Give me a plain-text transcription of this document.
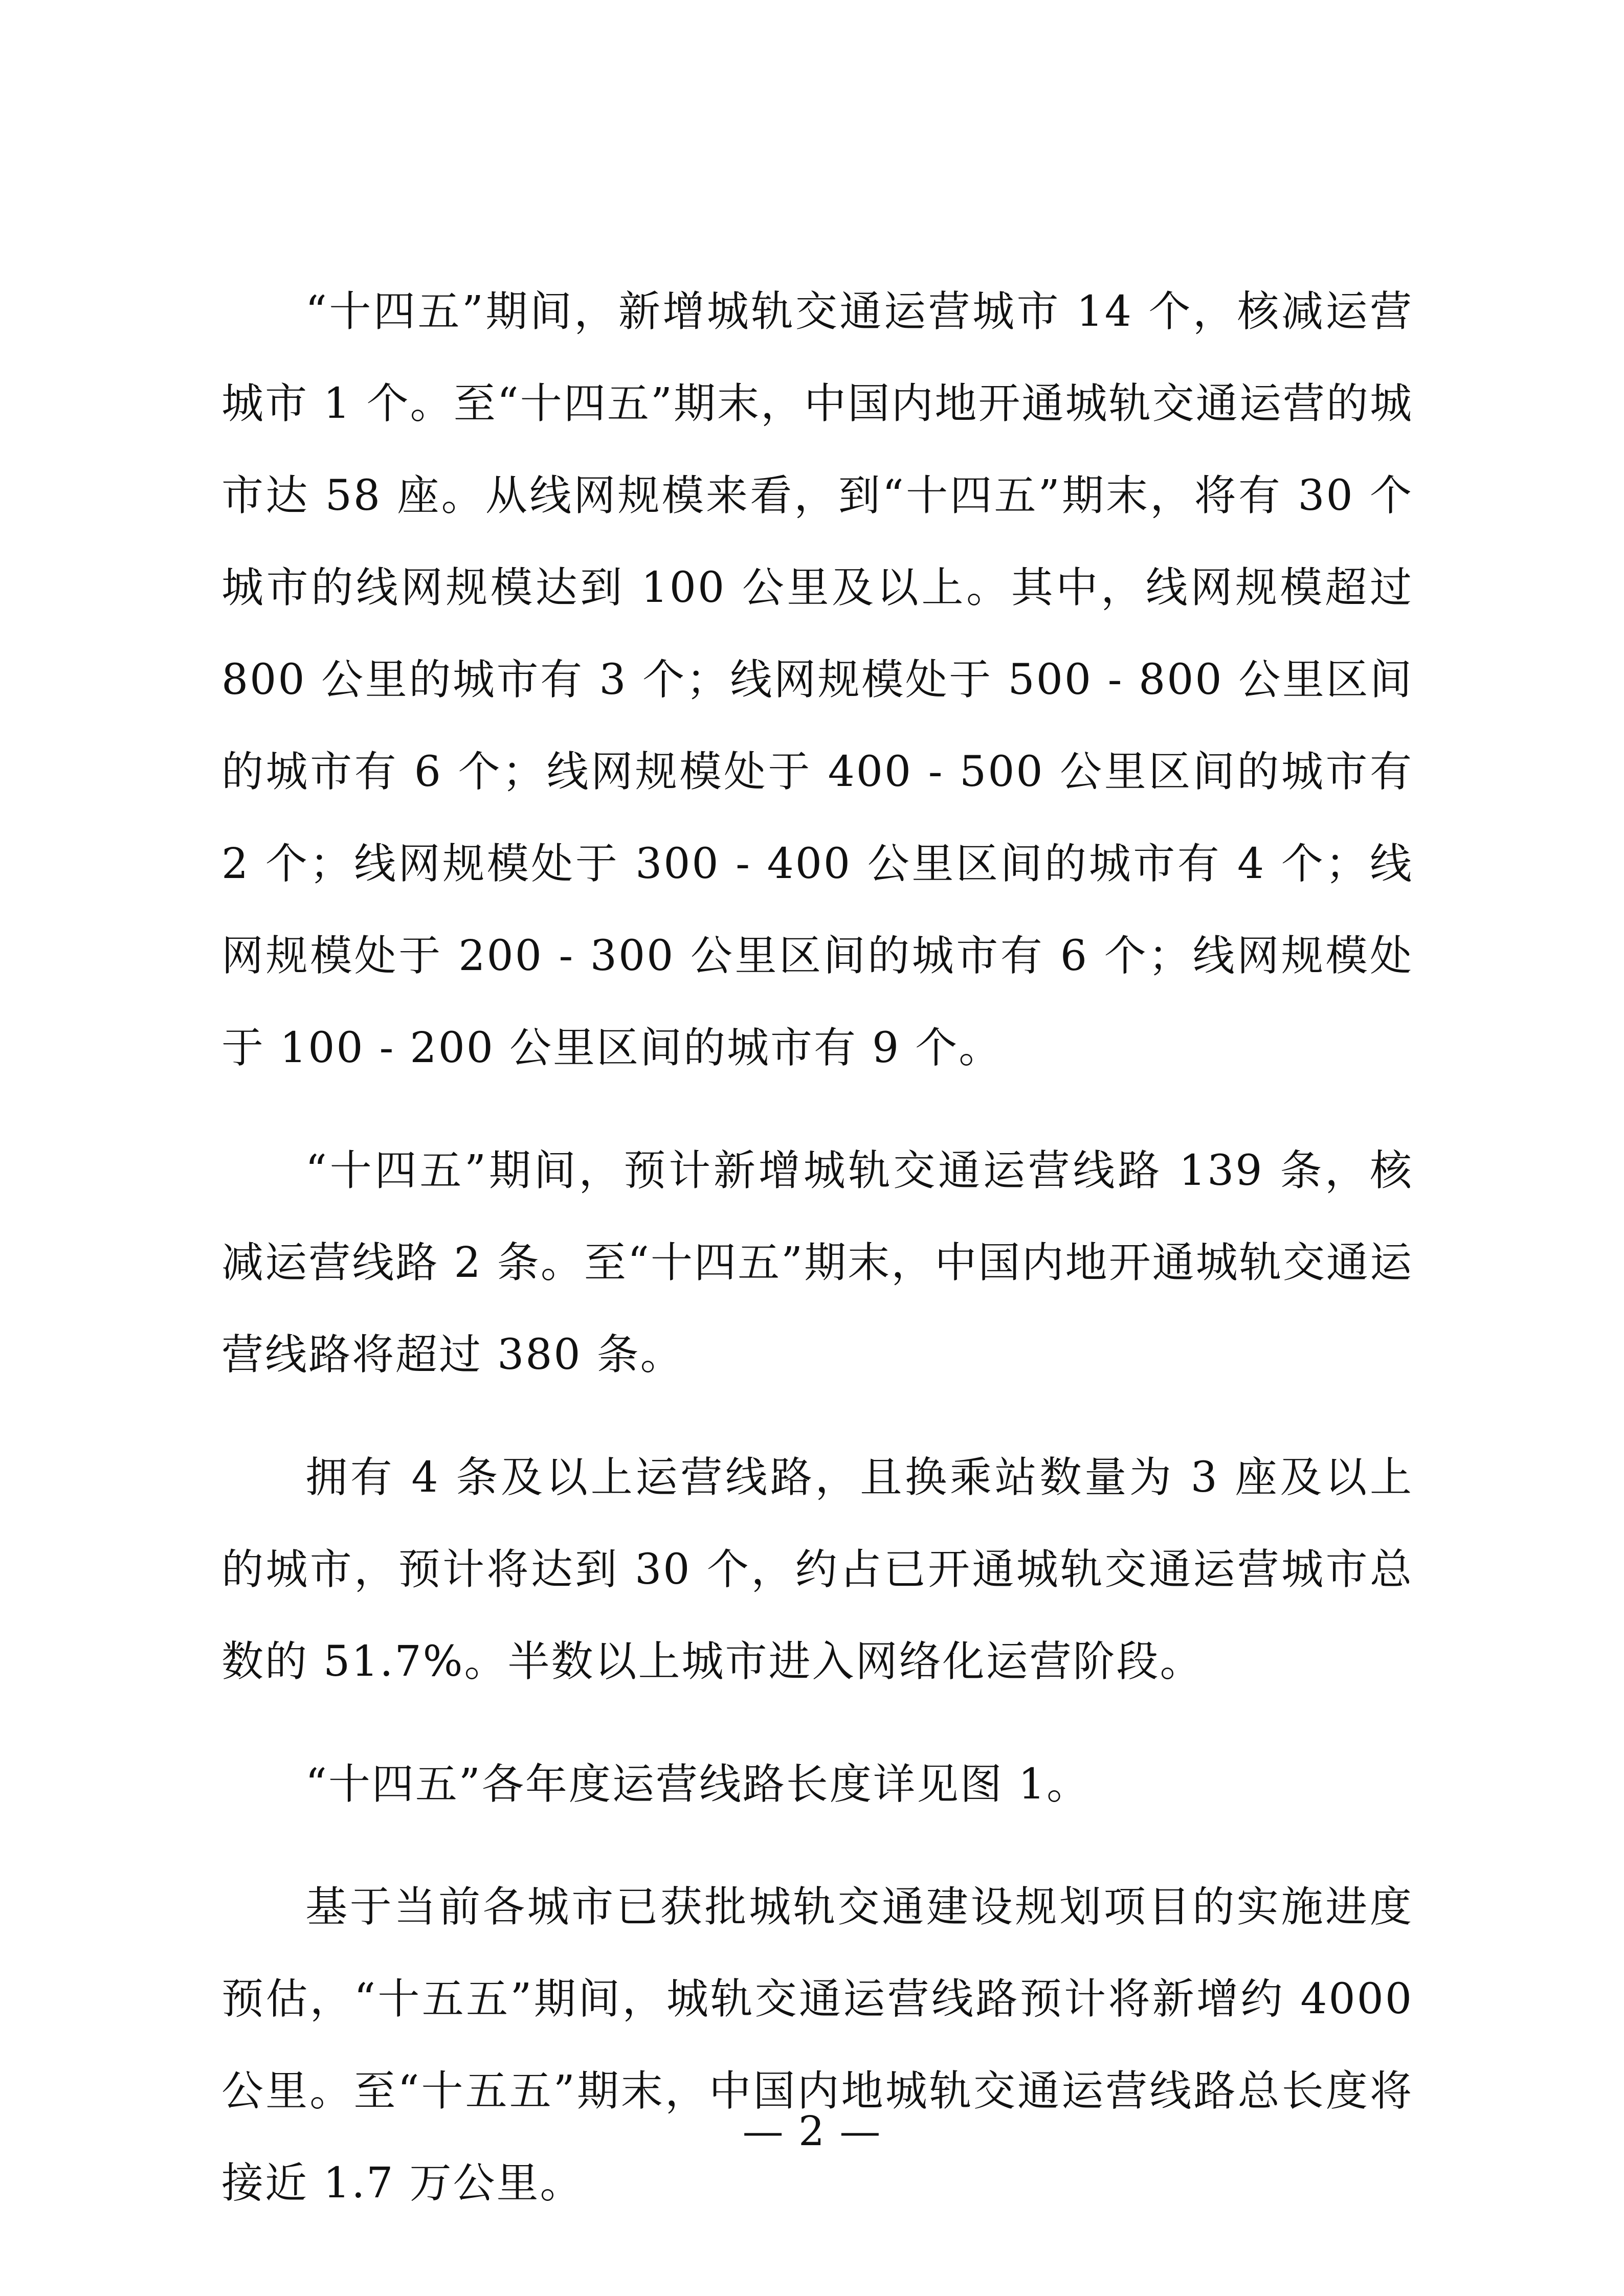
“十四五”期间，新增城轨交通运营城市 14 个，核减运营城市 1 个。至“十四五”期末，中国内地开通城轨交通运营的城市达 58 座。从线网规模来看，到“十四五”期末，将有 30 个城市的线网规模达到 100 公里及以上。其中，线网规模超过 800 公里的城市有 3 个；线网规模处于 500 - 800 公里区间的城市有 6 个；线网规模处于 400 - 500 公里区间的城市有 2 个；线网规模处于 300 - 400 公里区间的城市有 4 个；线网规模处于 200 - 300 公里区间的城市有 6 个；线网规模处于 100 - 200 公里区间的城市有 9 个。

“十四五”期间，预计新增城轨交通运营线路 139 条，核减运营线路 2 条。至“十四五”期末，中国内地开通城轨交通运营线路将超过 380 条。

拥有 4 条及以上运营线路，且换乘站数量为 3 座及以上的城市，预计将达到 30 个，约占已开通城轨交通运营城市总数的 51.7%。半数以上城市进入网络化运营阶段。

“十四五”各年度运营线路长度详见图 1。

基于当前各城市已获批城轨交通建设规划项目的实施进度预估，“十五五”期间，城轨交通运营线路预计将新增约 4000 公里。至“十五五”期末，中国内地城轨交通运营线路总长度将接近 1.7 万公里。

— 2 —
